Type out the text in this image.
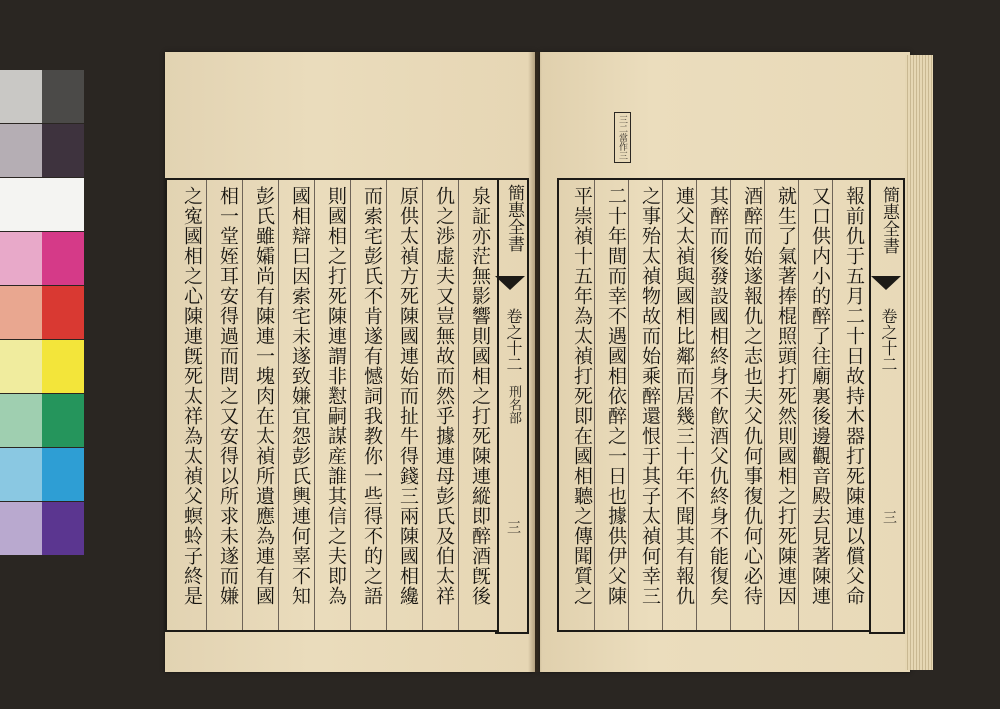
三二當作三
泉証亦茫無影響則國相之打死陳連縱即醉酒旣後
仇之渉虚夫又豈無故而然乎據連母彭氏及伯太祥
原供太禎方死陳國連始而扯牛得錢三兩陳國相纔
而索宅彭氏不肯遂有憾詞我教你一些得不的之語
則國相之打死陳連謂非懟嗣謀産誰其信之夫即為
國相辯曰因索宅未遂致嫌宜怨彭氏輿連何辜不知
彭氏雖孀尚有陳連一塊肉在太禎所遺應為連有國
相一堂姪耳安得過而問之又安得以所求未遂而嫌
之寃國相之心陳連旣死太祥為太禎父螟蛉子終是	簡惠全書
卷之十二
刑名部
三	報前仇于五月二十日故持木器打死陳連以償父命
又口供内小的醉了往廟裏後邊觀音殿去見著陳連
就生了氣著捧棍照頭打死然則國相之打死陳連因
酒醉而始遂報仇之志也夫父仇何事復仇何心必待
其醉而後發設國相終身不飮酒父仇終身不能復矣
連父太禎與國相比鄰而居幾三十年不聞其有報仇
之事殆太禎物故而始乘醉還恨于其子太禎何幸三
二十年間而幸不遇國相依醉之一日也據供伊父陳
平崇禎十五年為太禎打死即在國相聽之傳聞質之	簡惠全書
卷之十二
三
